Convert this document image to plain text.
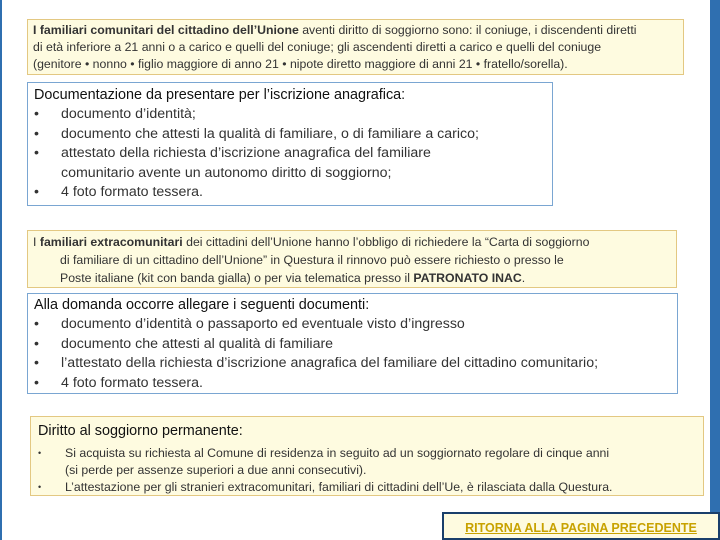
I familiari comunitari del cittadino dell’Unione aventi diritto di soggiorno sono: il coniuge, i discendenti diretti
di età inferiore a 21 anni o a carico e quelli del coniuge; gli ascendenti diretti a carico e quelli del coniuge
(genitore • nonno • figlio maggiore di anno 21 • nipote diretto maggiore di anni 21 • fratello/sorella).
Documentazione da presentare per l’iscrizione anagrafica:
• documento d’identità;
• documento che attesti la qualità di familiare, o di familiare a carico;
• attestato della richiesta d’iscrizione anagrafica del familiare
comunitario avente un autonomo diritto di soggiorno;
• 4 foto formato tessera.
I familiari extracomunitari dei cittadini dell’Unione hanno l’obbligo di richiedere la “Carta di soggiorno
di familiare di un cittadino dell’Unione” in Questura il rinnovo può essere richiesto o presso le
Poste italiane (kit con banda gialla) o per via telematica presso il PATRONATO INAC.
Alla domanda occorre allegare i seguenti documenti:
• documento d’identità o passaporto ed eventuale visto d’ingresso
• documento che attesti al qualità di familiare
• l’attestato della richiesta d’iscrizione anagrafica del familiare del cittadino comunitario;
• 4 foto formato tessera.
Diritto al soggiorno permanente:
• Si acquista su richiesta al Comune di residenza in seguito ad un soggiornato regolare di cinque anni
(si perde per assenze superiori a due anni consecutivi).
• L’attestazione per gli stranieri extracomunitari, familiari di cittadini dell’Ue, è rilasciata dalla Questura.
RITORNA ALLA PAGINA PRECEDENTE
